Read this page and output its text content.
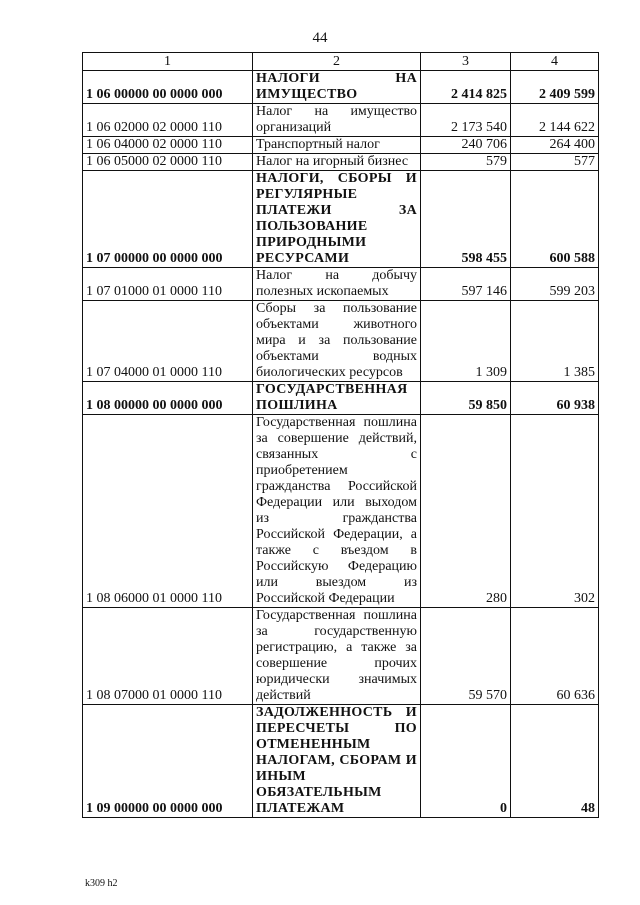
44
1	2	3	4
1 06 00000 00 0000 000	НАЛОГИ НА ИМУЩЕСТВО	2 414 825	2 409 599
1 06 02000 02 0000 110	Налог на имущество организаций	2 173 540	2 144 622
1 06 04000 02 0000 110	Транспортный налог	240 706	264 400
1 06 05000 02 0000 110	Налог на игорный бизнес	579	577
1 07 00000 00 0000 000	НАЛОГИ, СБОРЫ И РЕГУЛЯРНЫЕ ПЛАТЕЖИ ЗА ПОЛЬЗОВАНИЕ ПРИРОДНЫМИ РЕСУРСАМИ	598 455	600 588
1 07 01000 01 0000 110	Налог на добычу полезных ископаемых	597 146	599 203
1 07 04000 01 0000 110	Сборы за пользование объектами животного мира и за пользование объектами водных биологических ресурсов	1 309	1 385
1 08 00000 00 0000 000	ГОСУДАРСТВЕННАЯ ПОШЛИНА	59 850	60 938
1 08 06000 01 0000 110	Государственная пошлина за совершение действий, связанных с приобретением гражданства Российской Федерации или выходом из гражданства Российской Федерации, а также с въездом в Российскую Федерацию или выездом из Российской Федерации	280	302
1 08 07000 01 0000 110	Государственная пошлина за государственную регистрацию, а также за совершение прочих юридически значимых действий	59 570	60 636
1 09 00000 00 0000 000	ЗАДОЛЖЕННОСТЬ И ПЕРЕСЧЕТЫ ПО ОТМЕНЕННЫМ НАЛОГАМ, СБОРАМ И ИНЫМ ОБЯЗАТЕЛЬНЫМ ПЛАТЕЖАМ	0	48
k309 h2
